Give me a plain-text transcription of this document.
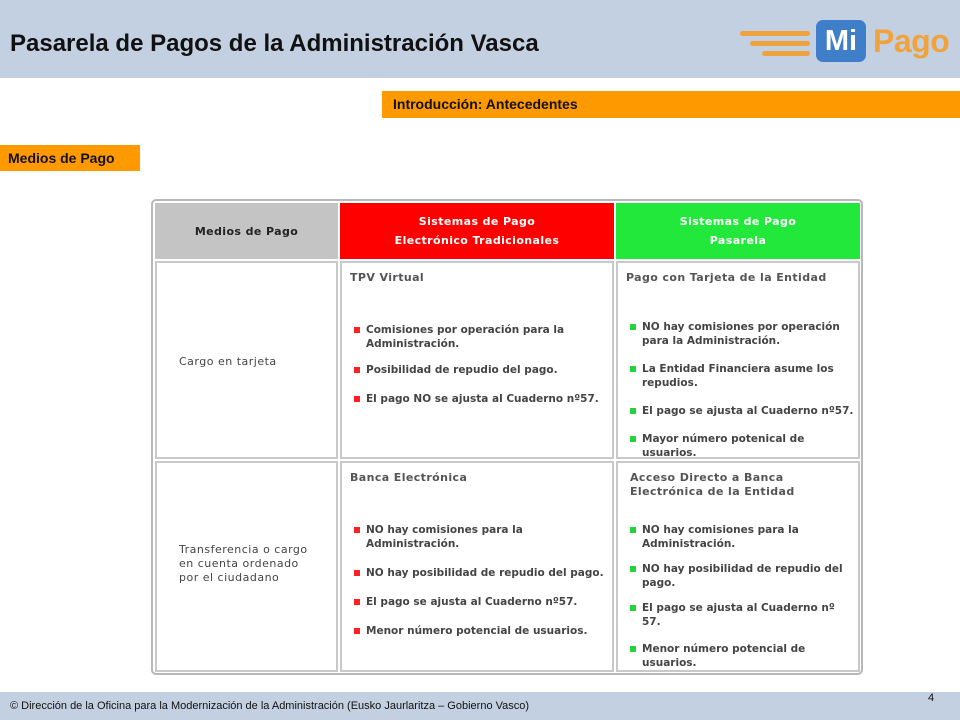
Pasarela de Pagos de la Administración Vasca	Mi Pago
Introducción: Antecedentes
Medios de Pago
Medios de Pago
Sistemas de Pago
Electrónico Tradicionales
Sistemas de Pago
Pasarela
Cargo en tarjeta
TPV Virtual
Comisiones por operación para la Administración.
Posibilidad de repudio del pago.
El pago NO se ajusta al Cuaderno nº57.
Pago con Tarjeta de la Entidad
NO hay comisiones por operación para la Administración.
La Entidad Financiera asume los repudios.
El pago se ajusta al Cuaderno nº57.
Mayor número potenical de usuarios.
Transferencia o cargo en cuenta ordenado por el ciudadano
Banca Electrónica
NO hay comisiones para la Administración.
NO hay posibilidad de repudio del pago.
El pago se ajusta al Cuaderno nº57.
Menor número potencial de usuarios.
Acceso Directo a Banca Electrónica de la Entidad
NO hay comisiones para la Administración.
NO hay posibilidad de repudio del pago.
El pago se ajusta al Cuaderno nº 57.
Menor número potencial de usuarios.
© Dirección de la Oficina para la Modernización de la Administración (Eusko Jaurlaritza – Gobierno Vasco)
4
